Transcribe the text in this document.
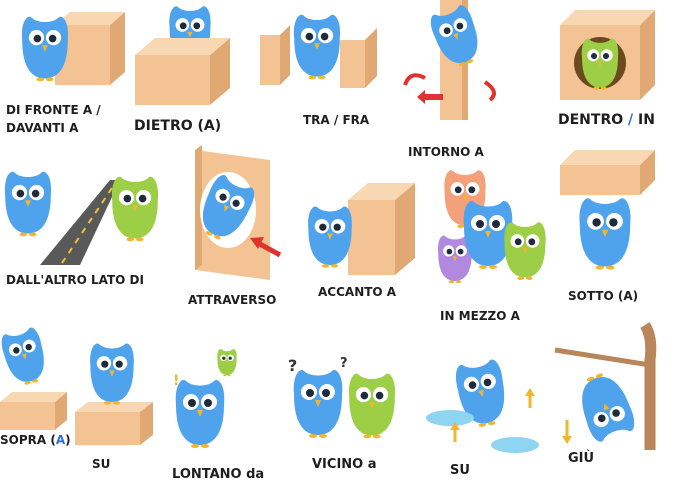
DI FRONTE A /
DAVANTI A	DIETRO (A)	TRA / FRA
INTORNO A
DENTRO / IN
DALL'ALTRO LATO DI
ATTRAVERSO
ACCANTO A
IN MEZZO A
SOTTO (A)
SOPRA (A)
SU
!
LONTANO da
?	?
VICINO a	SU
GIÙ
